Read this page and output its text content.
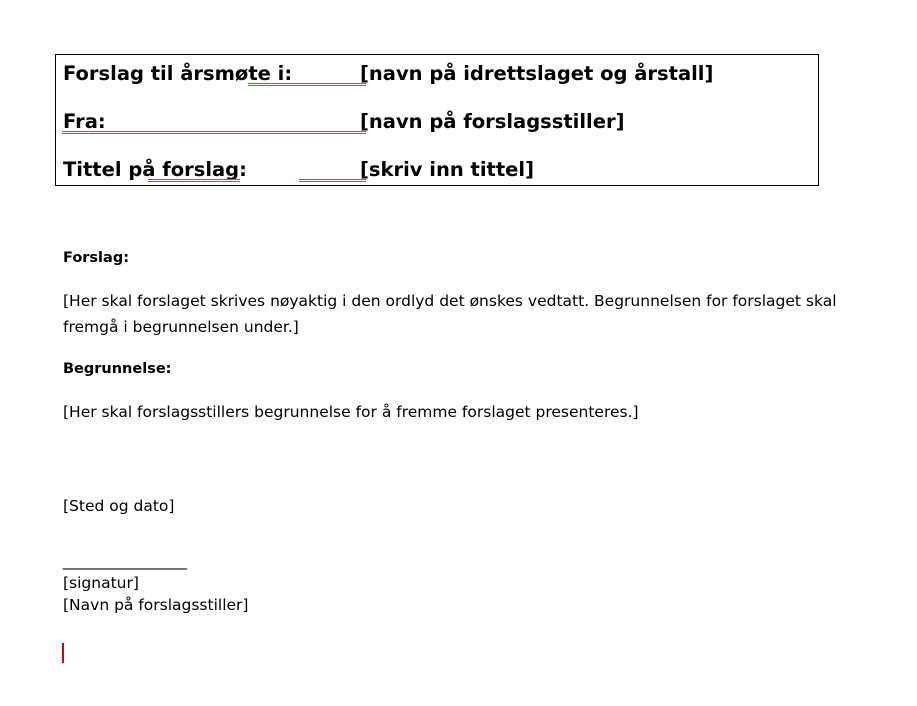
Forslag til årsmøte i:	[navn på idrettslaget og årstall]
Fra:	[navn på forslagsstiller]
Tittel på forslag:	[skriv inn tittel]
Forslag:
[Her skal forslaget skrives nøyaktig i den ordlyd det ønskes vedtatt. Begrunnelsen for forslaget skal
fremgå i begrunnelsen under.]
Begrunnelse:
[Her skal forslagsstillers begrunnelse for å fremme forslaget presenteres.]
[Sted og dato]
________________
[signatur]
[Navn på forslagsstiller]
